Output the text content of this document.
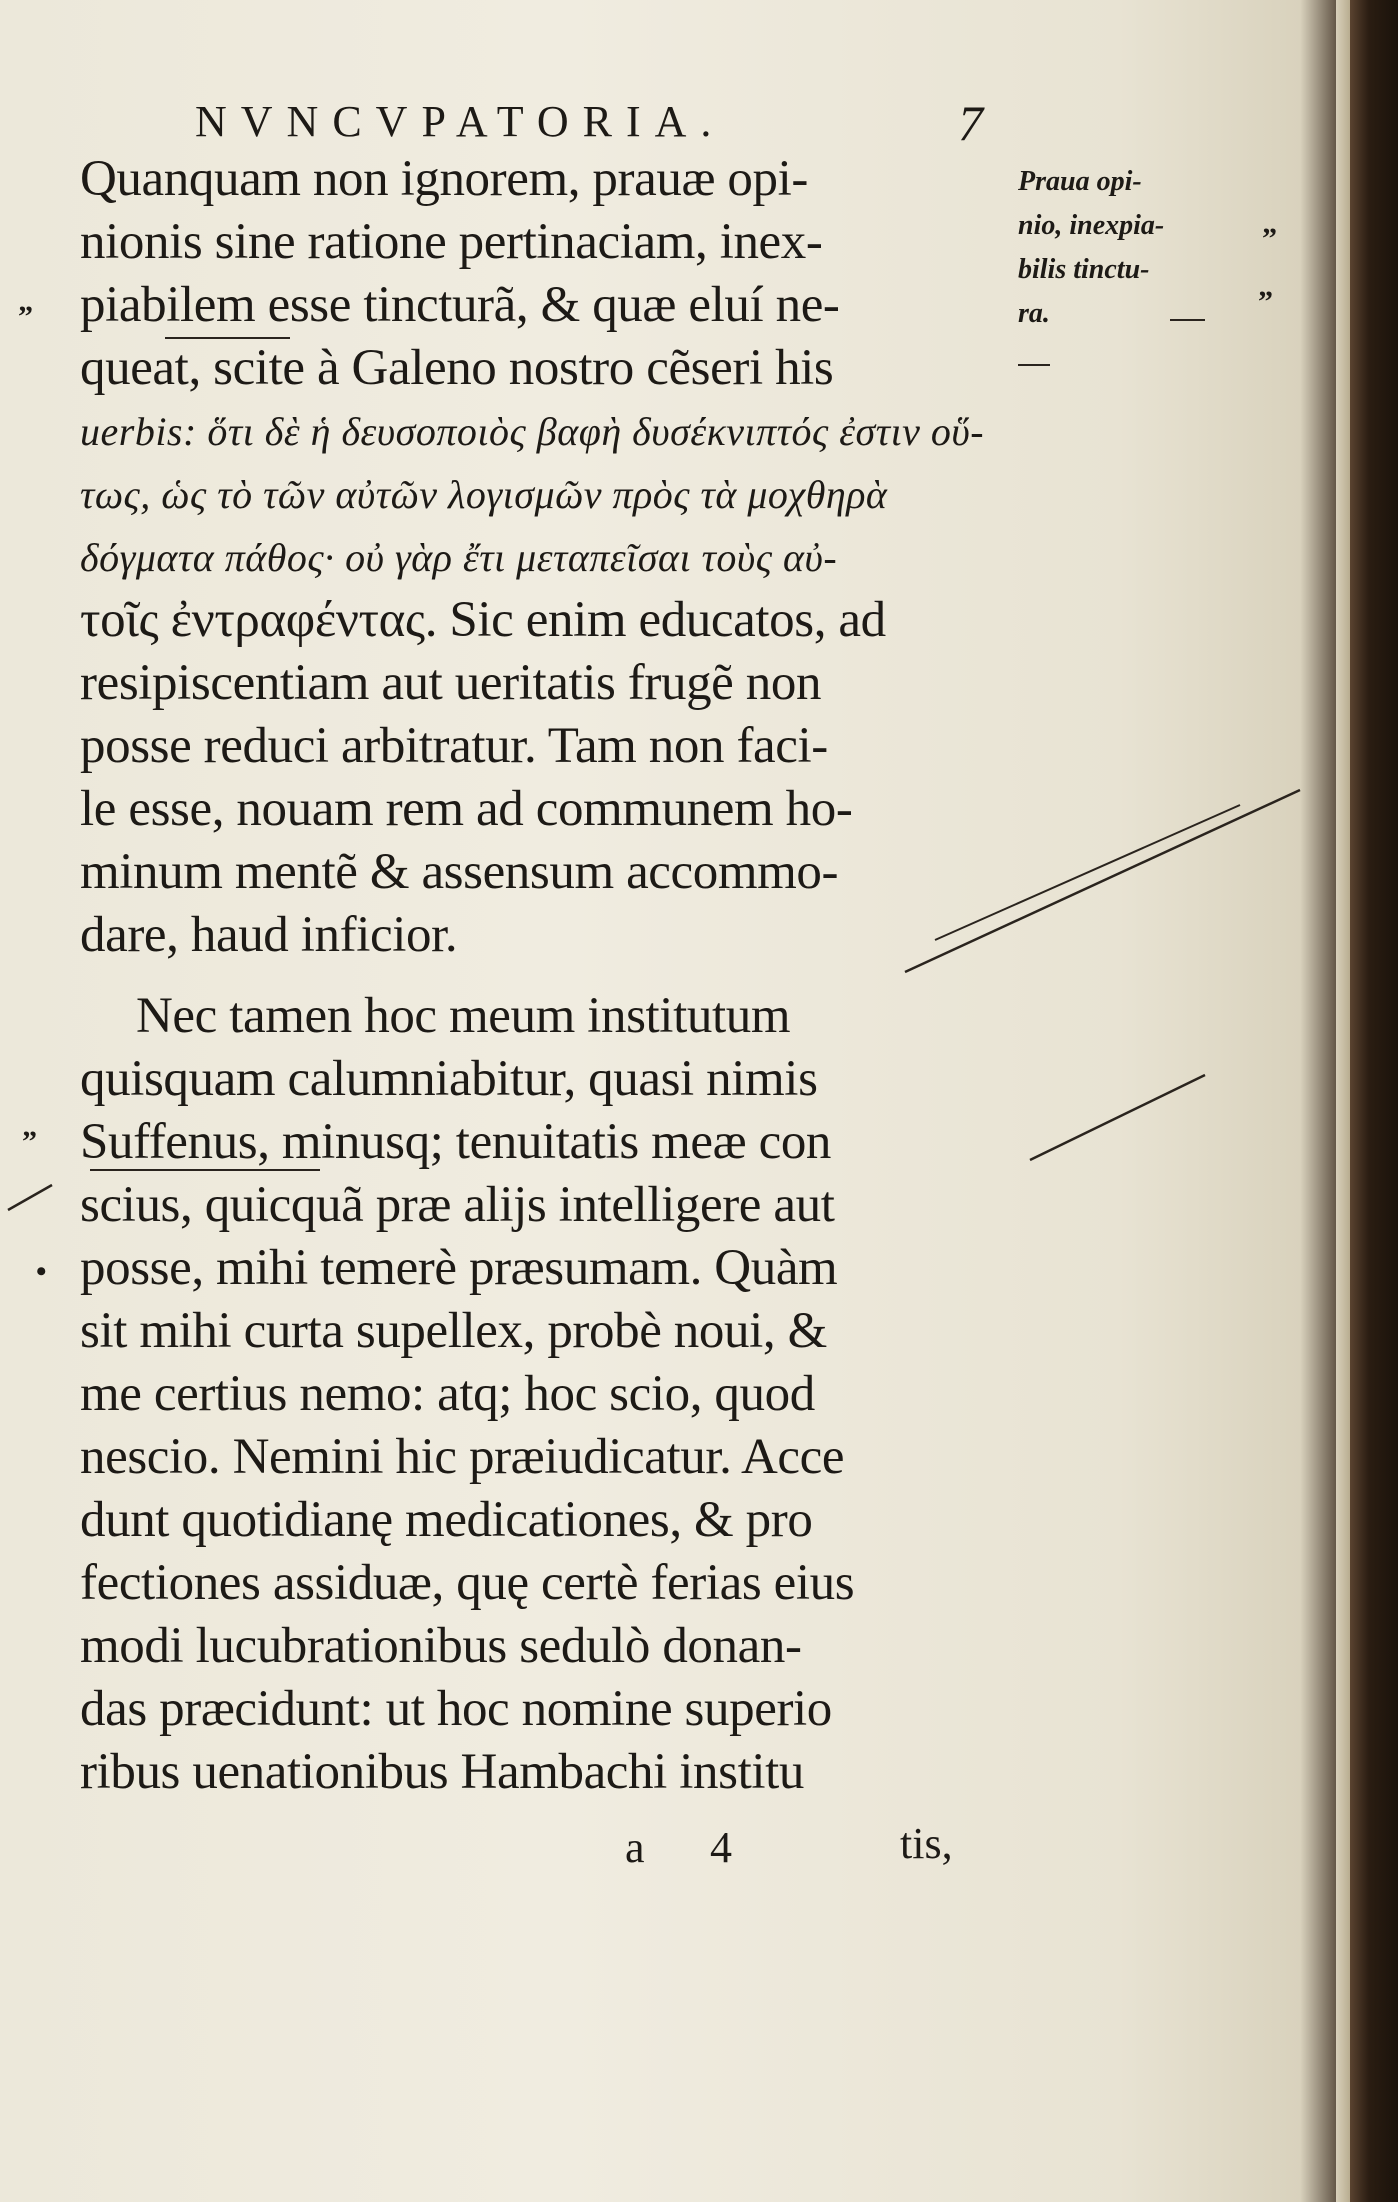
NVNCVPATORIA.	7
Quanquam non ignorem, prauæ opi-
nionis sine ratione pertinaciam, inex-
piabilem esse tincturã, & quæ eluí ne-
queat, scite à Galeno nostro cẽseri his
uerbis: ὅτι δὲ ἡ δευσοποιὸς βαφὴ δυσέκνιπτός ἐστιν οὕ-
τως, ὡς τὸ τῶν αὐτῶν λογισμῶν πρὸς τὰ μοχθηρὰ
δόγματα πάθος· οὐ γὰρ ἔτι μεταπεῖσαι τοὺς αὐ-
τοῖς ἐντραφέντας. Sic enim educatos, ad
resipiscentiam aut ueritatis frugẽ non
posse reduci arbitratur. Tam non faci-
le esse, nouam rem ad communem ho-
minum mentẽ & assensum accommo-
dare, haud inficior.
Nec tamen hoc meum institutum
quisquam calumniabitur, quasi nimis
Suffenus, minusq; tenuitatis meæ con
scius, quicquã præ alijs intelligere aut
posse, mihi temerè præsumam. Quàm
sit mihi curta supellex, probè noui, &
me certius nemo: atq; hoc scio, quod
nescio. Nemini hic præiudicatur. Acce
dunt quotidianę medicationes, & pro
fectiones assiduæ, quę certè ferias eius
modi lucubrationibus sedulò donan-
das præcidunt: ut hoc nomine superio
ribus uenationibus Hambachi institu
Praua opi-
nio, inexpia-
bilis tinctu-
ra.
”
”
”
”
•
a 4	tis,
